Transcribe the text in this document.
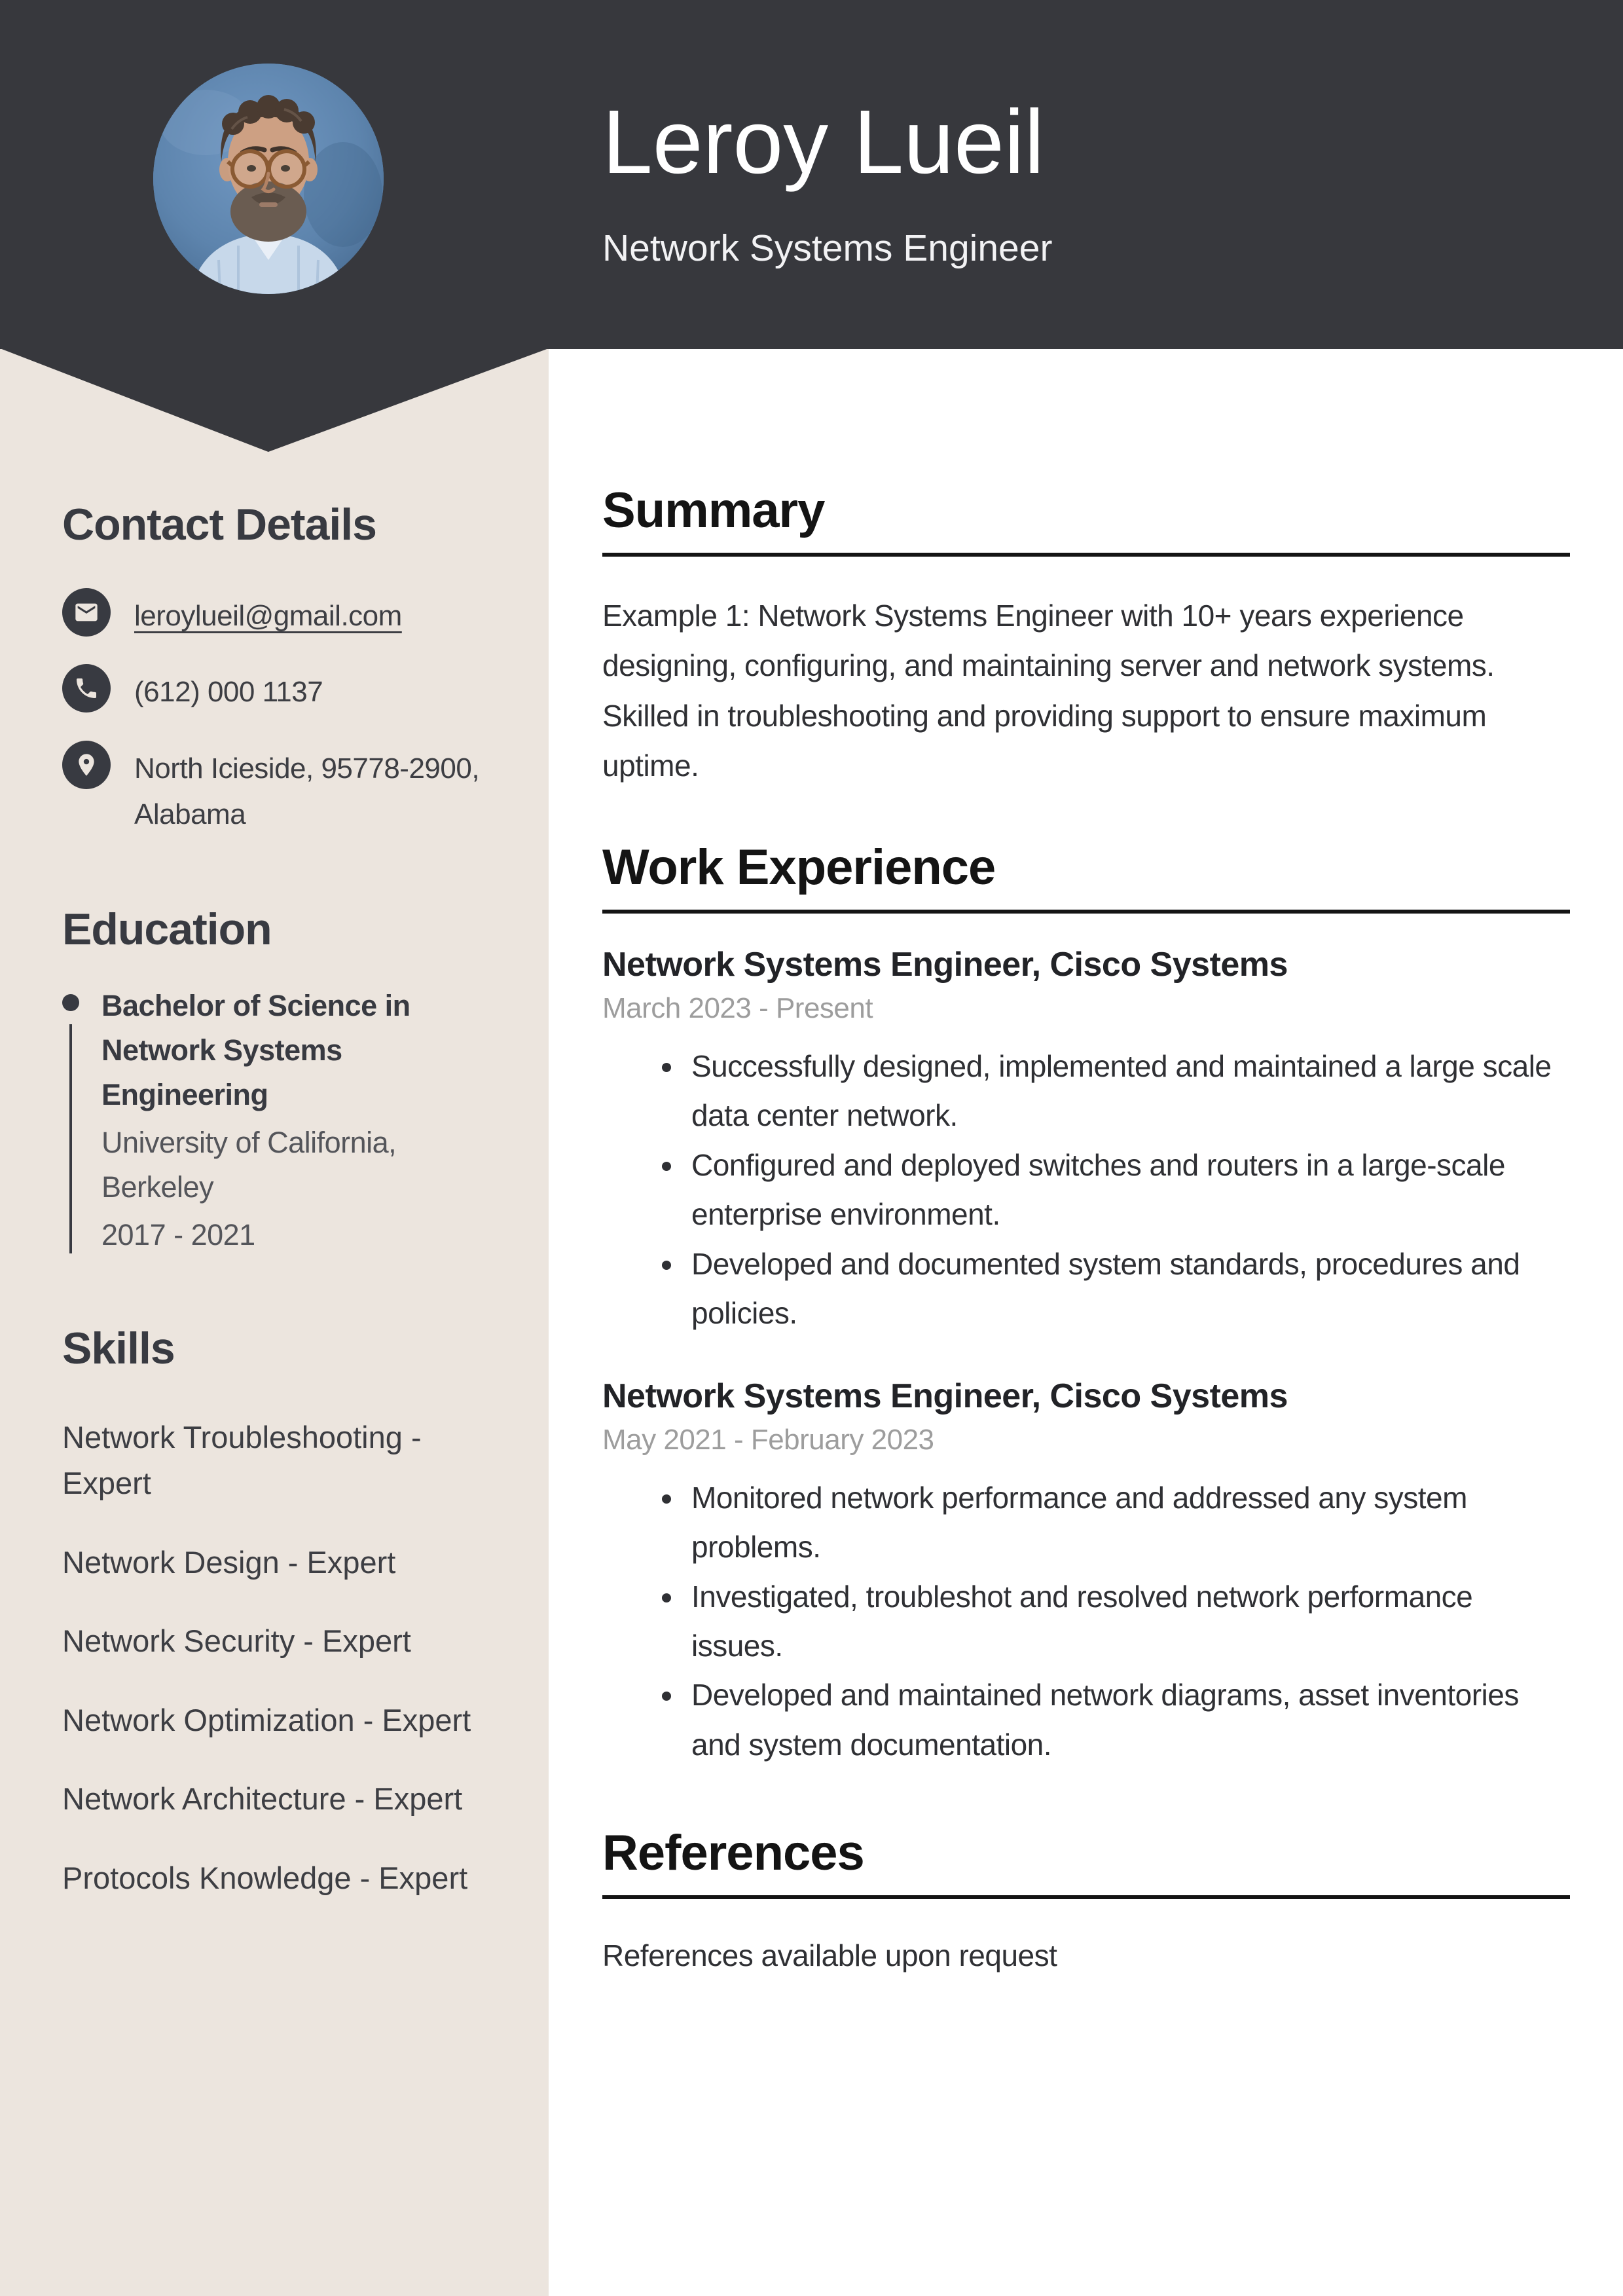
Leroy Lueil
Network Systems Engineer
Contact Details
leroylueil@gmail.com
(612) 000 1137
North Icieside, 95778-2900, Alabama
Education
Bachelor of Science in Network Systems Engineering
University of California, Berkeley
2017 - 2021
Skills
Network Troubleshooting - Expert
Network Design - Expert
Network Security - Expert
Network Optimization - Expert
Network Architecture - Expert
Protocols Knowledge - Expert
Summary

Example 1: Network Systems Engineer with 10+ years experience designing, configuring, and maintaining server and network systems. Skilled in troubleshooting and providing support to ensure maximum uptime.

Work Experience
Network Systems Engineer, Cisco Systems
March 2023 - Present
• Successfully designed, implemented and maintained a large scale data center network.
• Configured and deployed switches and routers in a large-scale enterprise environment.
• Developed and documented system standards, procedures and policies.
Network Systems Engineer, Cisco Systems
May 2021 - February 2023
• Monitored network performance and addressed any system problems.
• Investigated, troubleshot and resolved network performance issues.
• Developed and maintained network diagrams, asset inventories and system documentation.
References

References available upon request
